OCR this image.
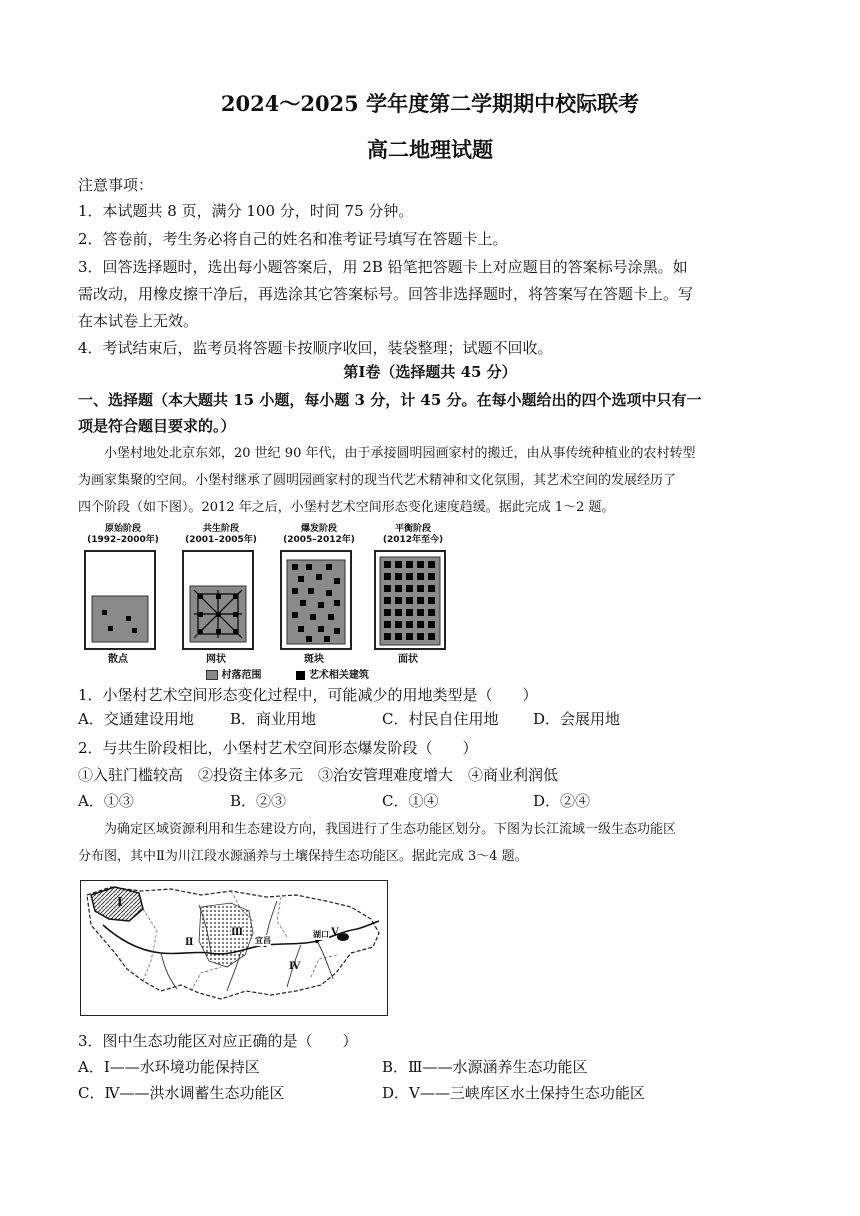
2024～2025 学年度第二学期期中校际联考
高二地理试题
注意事项：
1．本试题共 8 页，满分 100 分，时间 75 分钟。
2．答卷前，考生务必将自己的姓名和准考证号填写在答题卡上。
3．回答选择题时，选出每小题答案后，用 2B 铅笔把答题卡上对应题目的答案标号涂黑。如
需改动，用橡皮擦干净后，再选涂其它答案标号。回答非选择题时，将答案写在答题卡上。写
在本试卷上无效。
4．考试结束后，监考员将答题卡按顺序收回，装袋整理；试题不回收。
第Ⅰ卷（选择题共 45 分）
一、选择题（本大题共 15 小题，每小题 3 分，计 45 分。在每小题给出的四个选项中只有一
项是符合题目要求的。）
小堡村地处北京东郊，20 世纪 90 年代，由于承接圆明园画家村的搬迁，由从事传统种植业的农村转型
为画家集聚的空间。小堡村继承了圆明园画家村的现当代艺术精神和文化氛围，其艺术空间的发展经历了
四个阶段（如下图）。2012 年之后，小堡村艺术空间形态变化速度趋缓。据此完成 1～2 题。
原始阶段
(1992–2000年)
共生阶段
(2001–2005年)
爆发阶段
(2005–2012年)
平衡阶段
(2012年至今)
散点	网状	斑块	面状
村落范围	艺术相关建筑
1．小堡村艺术空间形态变化过程中，可能减少的用地类型是（　　）
A．交通建设用地 B．商业用地	C．村民自住用地 D．会展用地
2．与共生阶段相比，小堡村艺术空间形态爆发阶段（　　）
①入驻门槛较高　②投资主体多元　③治安管理难度增大　④商业利润低
A．①③	B．②③	C．①④	D．②④
为确定区域资源利用和生态建设方向，我国进行了生态功能区划分。下图为长江流域一级生态功能区
分布图，其中Ⅱ为川江段水源涵养与土壤保持生态功能区。据此完成 3～4 题。
Ⅰ
Ⅱ
Ⅲ
Ⅳ
Ⅴ
宜昌
湖口
3．图中生态功能区对应正确的是（　　）
A．Ⅰ——水环境功能保持区	B．Ⅲ——水源涵养生态功能区
C．Ⅳ——洪水调蓄生态功能区	D．Ⅴ——三峡库区水土保持生态功能区
